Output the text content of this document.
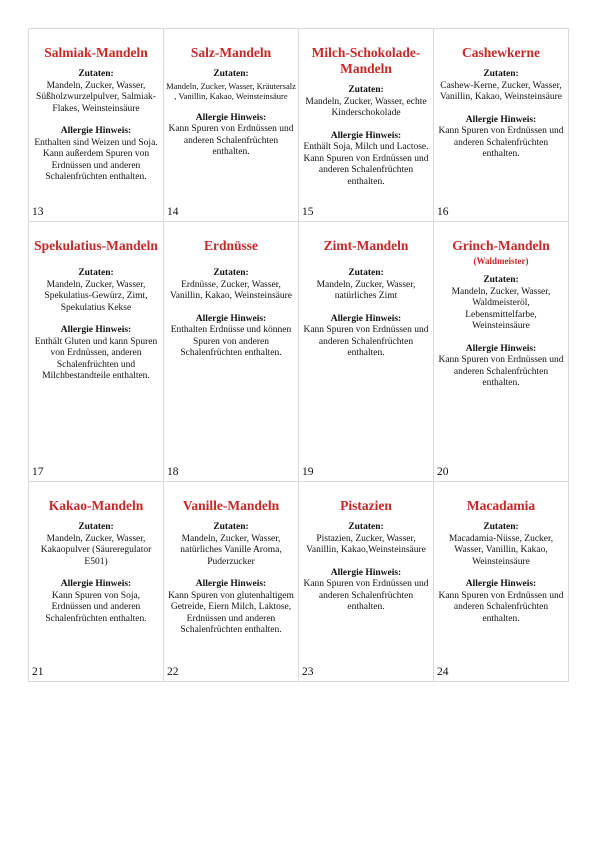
Salmiak-Mandeln
Zutaten:
Mandeln, Zucker, Wasser, Süßholzwurzelpulver, Salmiak-Flakes, Weinsteinsäure
Allergie Hinweis:
Enthalten sind Weizen und Soja. Kann außerdem Spuren von Erdnüssen und anderen Schalenfrüchten enthalten.
13
Salz-Mandeln
Zutaten:
Mandeln, Zucker, Wasser, Kräutersalz , Vanillin, Kakao, Weinsteinsäure
Allergie Hinweis:
Kann Spuren von Erdnüssen und anderen Schalenfrüchten enthalten.
14
Milch-Schokolade-Mandeln
Zutaten:
Mandeln, Zucker, Wasser, echte Kinderschokolade
Allergie Hinweis:
Enthält Soja, Milch und Lactose. Kann Spuren von Erdnüssen und anderen Schalenfrüchten enthalten.
15
Cashewkerne
Zutaten:
Cashew-Kerne, Zucker, Wasser, Vanillin, Kakao, Weinsteinsäure
Allergie Hinweis:
Kann Spuren von Erdnüssen und anderen Schalenfrüchten enthalten.
16
Spekulatius-Mandeln
Zutaten:
Mandeln, Zucker, Wasser, Spekulatius-Gewürz, Zimt, Spekulatius Kekse
Allergie Hinweis:
Enthält Gluten und kann Spuren von Erdnüssen, anderen Schalenfrüchten und Milchbestandteile enthalten.
17
Erdnüsse
Zutaten:
Erdnüsse, Zucker, Wasser, Vanillin, Kakao, Weinsteinsäure
Allergie Hinweis:
Enthalten Erdnüsse und können Spuren von anderen Schalenfrüchten enthalten.
18
Zimt-Mandeln
Zutaten:
Mandeln, Zucker, Wasser, natürliches Zimt
Allergie Hinweis:
Kann Spuren von Erdnüssen und anderen Schalenfrüchten enthalten.
19
Grinch-Mandeln
(Waldmeister)
Zutaten:
Mandeln, Zucker, Wasser, Waldmeisteröl, Lebensmittelfarbe, Weinsteinsäure
Allergie Hinweis:
Kann Spuren von Erdnüssen und anderen Schalenfrüchten enthalten.
20
Kakao-Mandeln
Zutaten:
Mandeln, Zucker, Wasser, Kakaopulver (Säureregulator E501)
Allergie Hinweis:
Kann Spuren von Soja, Erdnüssen und anderen Schalenfrüchten enthalten.
21
Vanille-Mandeln
Zutaten:
Mandeln, Zucker, Wasser, natürliches Vanille Aroma, Puderzucker
Allergie Hinweis:
Kann Spuren von glutenhaltigem Getreide, Eiern Milch, Laktose, Erdnüssen und anderen Schalenfrüchten enthalten.
22
Pistazien
Zutaten:
Pistazien, Zucker, Wasser, Vanillin, Kakao,Weinsteinsäure
Allergie Hinweis:
Kann Spuren von Erdnüssen und anderen Schalenfrüchten enthalten.
23
Macadamia
Zutaten:
Macadamia-Nüsse, Zucker, Wasser, Vanillin, Kakao, Weinsteinsäure
Allergie Hinweis:
Kann Spuren von Erdnüssen und anderen Schalenfrüchten enthalten.
24
